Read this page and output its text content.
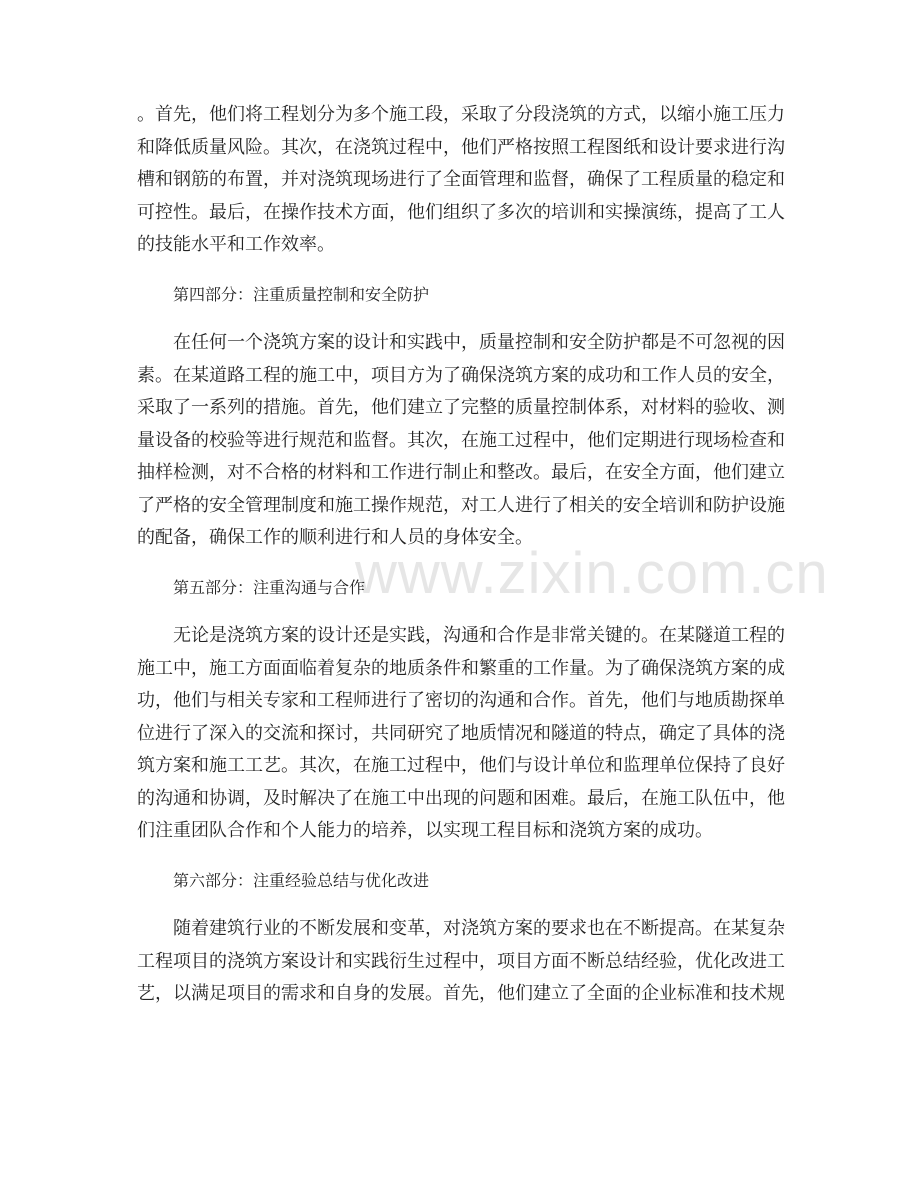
www.zixin.com.cn

。首先，他们将工程划分为多个施工段，采取了分段浇筑的方式，以缩小施工压力和降低质量风险。其次，在浇筑过程中，他们严格按照工程图纸和设计要求进行沟槽和钢筋的布置，并对浇筑现场进行了全面管理和监督，确保了工程质量的稳定和可控性。最后，在操作技术方面，他们组织了多次的培训和实操演练，提高了工人的技能水平和工作效率。

第四部分：注重质量控制和安全防护

在任何一个浇筑方案的设计和实践中，质量控制和安全防护都是不可忽视的因素。在某道路工程的施工中，项目方为了确保浇筑方案的成功和工作人员的安全，采取了一系列的措施。首先，他们建立了完整的质量控制体系，对材料的验收、测量设备的校验等进行规范和监督。其次，在施工过程中，他们定期进行现场检查和抽样检测，对不合格的材料和工作进行制止和整改。最后，在安全方面，他们建立了严格的安全管理制度和施工操作规范，对工人进行了相关的安全培训和防护设施的配备，确保工作的顺利进行和人员的身体安全。

第五部分：注重沟通与合作

无论是浇筑方案的设计还是实践，沟通和合作是非常关键的。在某隧道工程的施工中，施工方面面临着复杂的地质条件和繁重的工作量。为了确保浇筑方案的成功，他们与相关专家和工程师进行了密切的沟通和合作。首先，他们与地质勘探单位进行了深入的交流和探讨，共同研究了地质情况和隧道的特点，确定了具体的浇筑方案和施工工艺。其次，在施工过程中，他们与设计单位和监理单位保持了良好的沟通和协调，及时解决了在施工中出现的问题和困难。最后，在施工队伍中，他们注重团队合作和个人能力的培养，以实现工程目标和浇筑方案的成功。

第六部分：注重经验总结与优化改进

随着建筑行业的不断发展和变革，对浇筑方案的要求也在不断提高。在某复杂工程项目的浇筑方案设计和实践衍生过程中，项目方面不断总结经验，优化改进工艺，以满足项目的需求和自身的发展。首先，他们建立了全面的企业标准和技术规
